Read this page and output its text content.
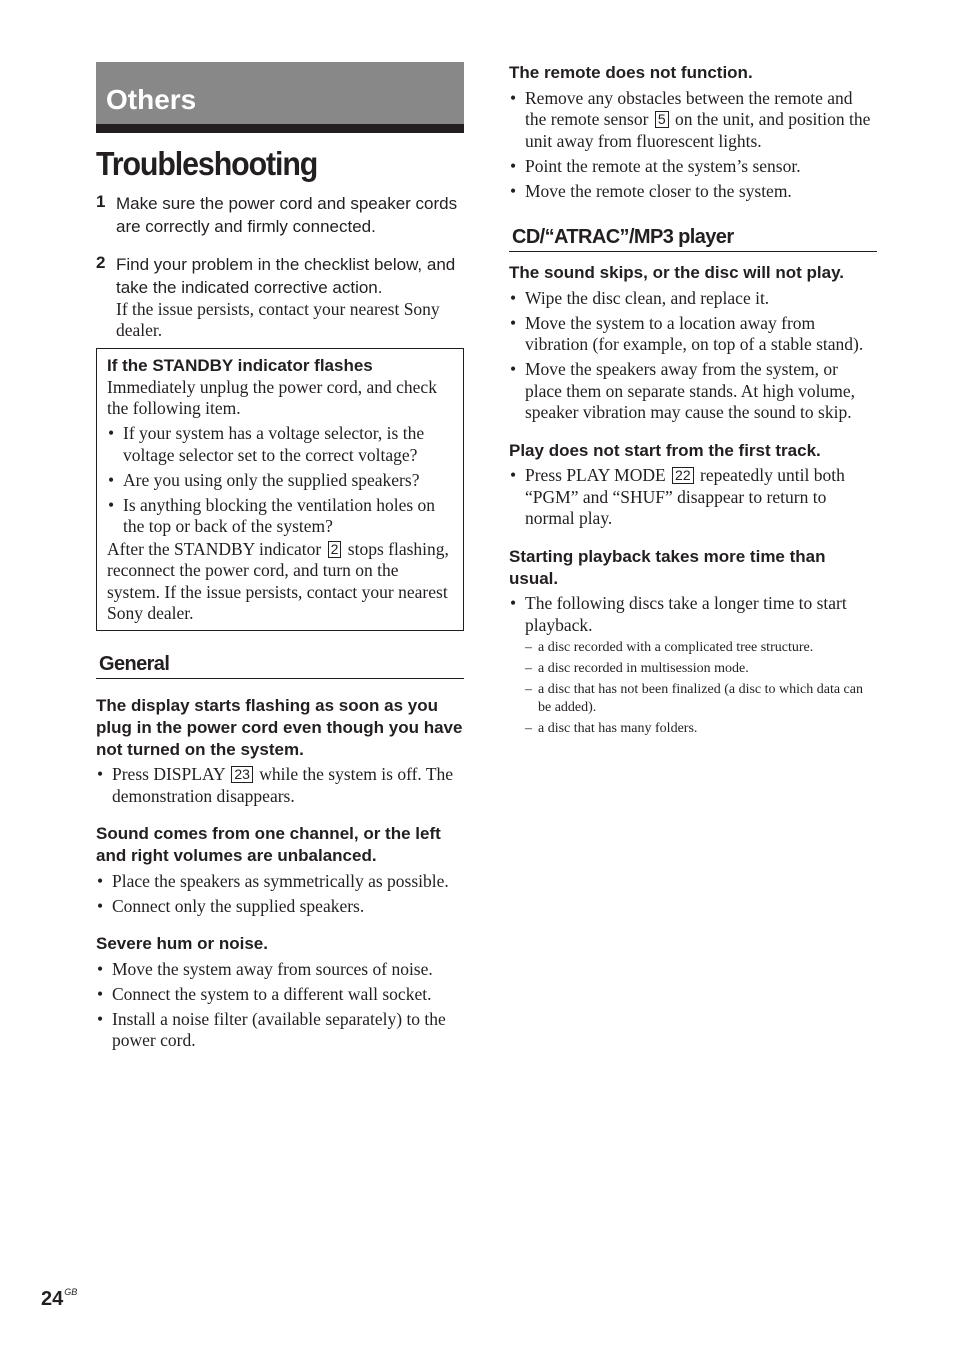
Others
Troubleshooting
1 Make sure the power cord and speaker cords are correctly and firmly connected.
2 Find your problem in the checklist below, and take the indicated corrective action.
If the issue persists, contact your nearest Sony dealer.
If the STANDBY indicator flashes
Immediately unplug the power cord, and check the following item.
• If your system has a voltage selector, is the voltage selector set to the correct voltage?
• Are you using only the supplied speakers?
• Is anything blocking the ventilation holes on the top or back of the system?
After the STANDBY indicator 2 stops flashing, reconnect the power cord, and turn on the system. If the issue persists, contact your nearest Sony dealer.
General
The display starts flashing as soon as you plug in the power cord even though you have not turned on the system.
• Press DISPLAY 23 while the system is off. The demonstration disappears.
Sound comes from one channel, or the left and right volumes are unbalanced.
• Place the speakers as symmetrically as possible.
• Connect only the supplied speakers.
Severe hum or noise.
• Move the system away from sources of noise.
• Connect the system to a different wall socket.
• Install a noise filter (available separately) to the power cord.
The remote does not function.
• Remove any obstacles between the remote and the remote sensor 5 on the unit, and position the unit away from fluorescent lights.
• Point the remote at the system’s sensor.
• Move the remote closer to the system.
CD/“ATRAC”/MP3 player
The sound skips, or the disc will not play.
• Wipe the disc clean, and replace it.
• Move the system to a location away from vibration (for example, on top of a stable stand).
• Move the speakers away from the system, or place them on separate stands. At high volume, speaker vibration may cause the sound to skip.
Play does not start from the first track.
• Press PLAY MODE 22 repeatedly until both “PGM” and “SHUF” disappear to return to normal play.
Starting playback takes more time than usual.
• The following discs take a longer time to start playback.
– a disc recorded with a complicated tree structure.
– a disc recorded in multisession mode.
– a disc that has not been finalized (a disc to which data can be added).
– a disc that has many folders.
$24^{GB}$
